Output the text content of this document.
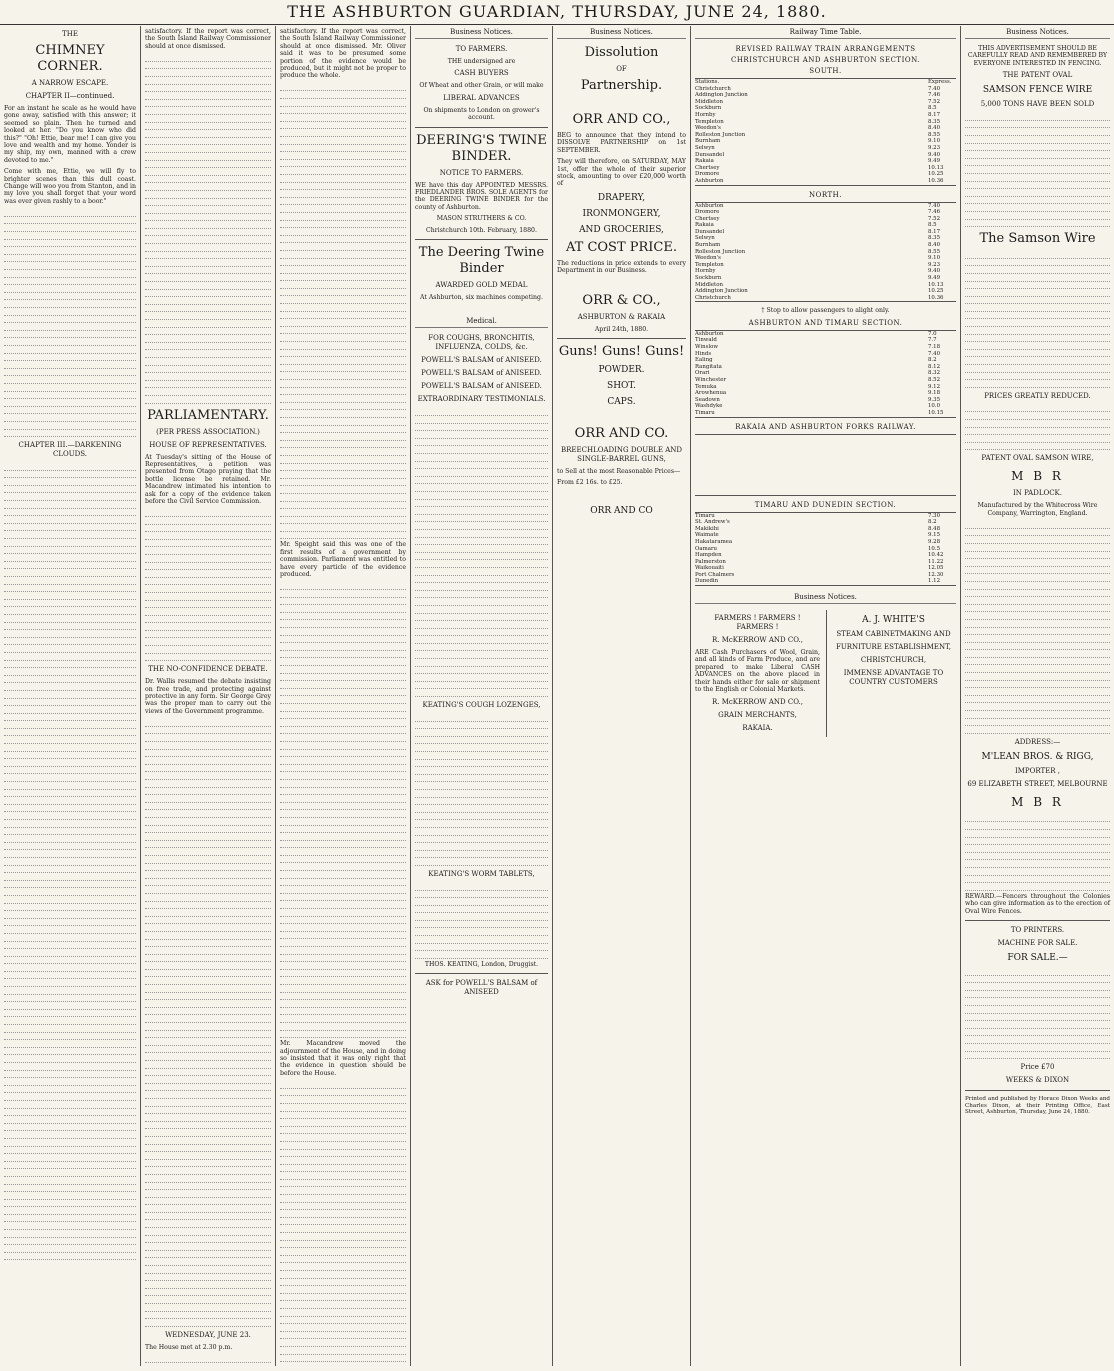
THE ASHBURTON GUARDIAN, THURSDAY, JUNE 24, 1880.
THE
CHIMNEY CORNER.
A NARROW ESCAPE.
CHAPTER II—continued.

For an instant he scale as he would have gone away, satisfied with this answer; it seemed so plain. Then he turned and looked at her. "Do you know who did this?" "Oh! Ettie, bear me! I can give you love and wealth and my home. Yonder is my ship, my own, manned with a crew devoted to me."

Come with me, Ettie, we will fly to brighter scenes than this dull coast. Change will woo you from Stanton, and in my love you shall forget that your word was ever given rashly to a boor."

CHAPTER III.—DARKENING CLOUDS.

satisfactory. If the report was correct, the South Island Railway Commissioner should at once dismissed.

PARLIAMENTARY.
(PER PRESS ASSOCIATION.)
HOUSE OF REPRESENTATIVES.

At Tuesday's sitting of the House of Representatives, a petition was presented from Otago praying that the bottle license be retained. Mr. Macandrew intimated his intention to ask for a copy of the evidence taken before the Civil Service Commission.

THE NO-CONFIDENCE DEBATE.

Dr. Wallis resumed the debate insisting on free trade, and protecting against protective in any form. Sir George Grey was the proper man to carry out the views of the Government programme.

WEDNESDAY, JUNE 23.

The House met at 2.30 p.m.

satisfactory. If the report was correct, the South Island Railway Commissioner should at once dismissed. Mr. Oliver said it was to be presumed some portion of the evidence would be produced, but it might not be proper to produce the whole.

Mr. Speight said this was one of the first results of a government by commission. Parliament was entitled to have every particle of the evidence produced.

Mr. Macandrew moved the adjournment of the House, and in doing so insisted that it was only right that the evidence in question should be before the House.

Business Notices.
TO FARMERS.
THE undersigned are
CASH BUYERS
Of Wheat and other Grain, or will make
LIBERAL ADVANCES
On shipments to London on grower's account.
DEERING'S TWINE BINDER.
NOTICE TO FARMERS.

WE have this day APPOINTED MESSRS. FRIEDLANDER BROS. SOLE AGENTS for the DEERING TWINE BINDER for the county of Ashburton.

MASON STRUTHERS & CO.
Christchurch 10th. February, 1880.
The Deering Twine Binder
AWARDED GOLD MEDAL
At Ashburton, six machines competing.
Medical.
FOR COUGHS, BRONCHITIS, INFLUENZA, COLDS, &c.
POWELL'S BALSAM of ANISEED.
POWELL'S BALSAM of ANISEED.
POWELL'S BALSAM of ANISEED.
EXTRAORDINARY TESTIMONIALS.
KEATING'S COUGH LOZENGES,
KEATING'S WORM TABLETS,
THOS. KEATING, London, Druggist.
ASK for POWELL'S BALSAM of ANISEED
Business Notices.
Dissolution
OF
Partnership.
ORR AND CO.,

BEG to announce that they intend to DISSOLVE PARTNERSHIP on 1st SEPTEMBER.

They will therefore, on SATURDAY, MAY 1st, offer the whole of their superior stock, amounting to over £20,000 worth of

DRAPERY,
IRONMONGERY,
AND GROCERIES,
AT COST PRICE.

The reductions in price extends to every Department in our Business.

ORR & CO.,
ASHBURTON & RAKAIA
April 24th, 1880.
Guns! Guns! Guns!
POWDER.
SHOT.
CAPS.
ORR AND CO.
BREECHLOADING DOUBLE AND SINGLE-BARREL GUNS,
to Sell at the most Reasonable Prices—
From £2 16s. to £25.
ORR AND CO
Railway Time Table.
REVISED RAILWAY TRAIN ARRANGEMENTS
CHRISTCHURCH AND ASHBURTON SECTION.
SOUTH.
Stations.	Express.
Christchurch	7.40
Addington Junction	7.46
Middleton	7.52
Sockburn	8.5
Hornby	8.17
Templeton	8.35
Weedon's	8.40
Rolleston Junction	8.55
Burnham	9.10
Selwyn	9.23
Dunsandel	9.40
Rakaia	9.49
Chertsey	10.13
Dromore	10.25
Ashburton	10.36
NORTH.
Ashburton	7.40
Dromore	7.46
Chertsey	7.52
Rakaia	8.5
Dunsandel	8.17
Selwyn	8.35
Burnham	8.40
Rolleston Junction	8.55
Weedon's	9.10
Templeton	9.23
Hornby	9.40
Sockburn	9.49
Middleton	10.13
Addington Junction	10.25
Christchurch	10.36
† Stop to allow passengers to alight only.
ASHBURTON AND TIMARU SECTION.
Ashburton	7.0
Tinwald	7.7
Winslow	7.18
Hinds	7.40
Ealing	8.2
Rangitata	8.12
Orari	8.32
Winchester	8.52
Temuka	9.12
Arowhenua	9.18
Seadown	9.35
Washdyke	10.0
Timaru	10.15
RAKAIA AND ASHBURTON FORKS RAILWAY.
TIMARU AND DUNEDIN SECTION.
Timaru	7.30
St. Andrew's	8.2
Makikihi	8.48
Waimate	9.15
Hakataramea	9.28
Oamaru	10.5
Hampden	10.42
Palmerston	11.22
Waikouaiti	12.05
Port Chalmers	12.30
Dunedin	1.12
Business Notices.
FARMERS ! FARMERS ! FARMERS !
R. McKERROW AND CO.,

ARE Cash Purchasers of Wool, Grain, and all kinds of Farm Produce, and are prepared to make Liberal CASH ADVANCES on the above placed in their hands either for sale or shipment to the English or Colonial Markets.

R. McKERROW AND CO.,
GRAIN MERCHANTS,
RAKAIA.
A. J. WHITE'S
STEAM CABINETMAKING AND
FURNITURE ESTABLISHMENT,
CHRISTCHURCH,
IMMENSE ADVANTAGE TO COUNTRY CUSTOMERS
Business Notices.
THIS ADVERTISEMENT SHOULD BE CAREFULLY READ AND REMEMBERED BY EVERYONE INTERESTED IN FENCING.
THE PATENT OVAL
SAMSON FENCE WIRE
5,000 TONS HAVE BEEN SOLD
The Samson Wire
PRICES GREATLY REDUCED.
PATENT OVAL SAMSON WIRE,
M B R
IN PADLOCK.
Manufactured by the Whitecross Wire Company, Warrington, England.
ADDRESS:—
M'LEAN BROS. & RIGG,
IMPORTER ,
69 ELIZABETH STREET, MELBOURNE
M B R

REWARD.—Fencers throughout the Colonies who can give information as to the erection of Oval Wire Fences.

TO PRINTERS.
MACHINE FOR SALE.
FOR SALE.—
Price £70
WEEKS & DIXON

Printed and published by Horace Dixon Weeks and Charles Dixon, at their Printing Office, East Street, Ashburton, Thursday, June 24, 1880.
